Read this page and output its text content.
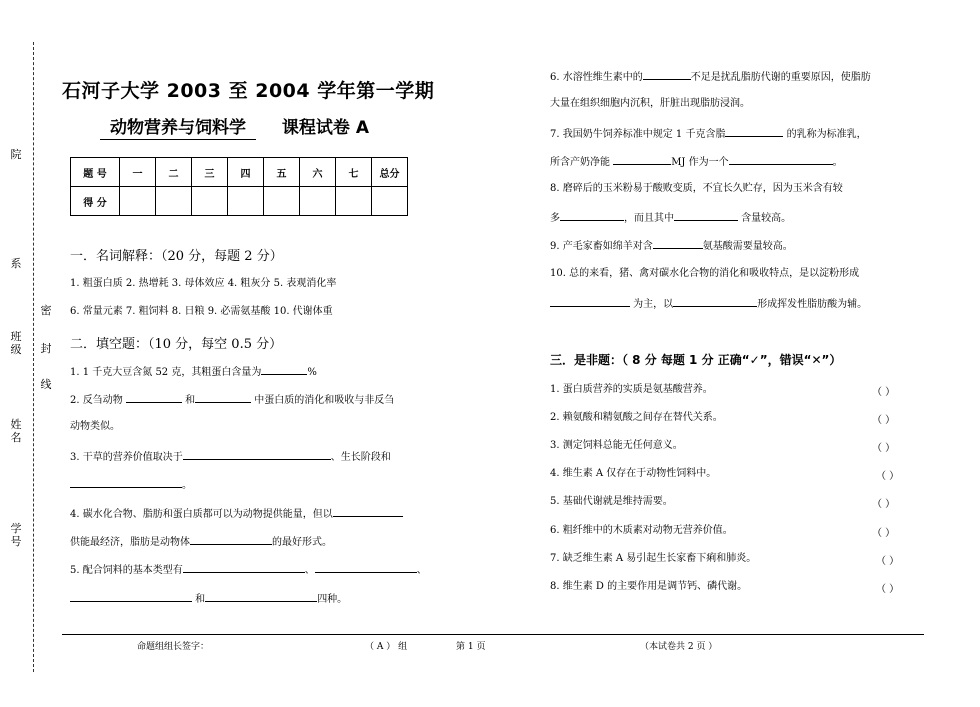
院
系
班级
姓名
学号
密
封
线
石河子大学 2003 至 2004 学年第一学期
动物营养与饲料学 课程试卷 A
题 号	一	二	三	四	五	六	七	总分
得 分								
一．名词解释：（20 分，每题 2 分）
1. 粗蛋白质 2. 热增耗 3. 母体效应 4. 粗灰分 5. 表观消化率
6. 常量元素 7. 粗饲料 8. 日粮 9. 必需氨基酸 10. 代谢体重
二．填空题：（10 分，每空 0.5 分）
1. 1 千克大豆含氮 52 克，其粗蛋白含量为	%
2. 反刍动物	和	中蛋白质的消化和吸收与非反刍
动物类似。
3. 干草的营养价值取决于	、生长阶段和
。
4. 碳水化合物、脂肪和蛋白质都可以为动物提供能量，但以
供能最经济，脂肪是动物体	的最好形式。
5. 配合饲料的基本类型有	、	、
和	四种。
6. 水溶性维生素中的	不足是扰乱脂肪代谢的重要原因，使脂肪
大量在组织细胞内沉积，肝脏出现脂肪浸润。
7. 我国奶牛饲养标准中规定 1 千克含脂	的乳称为标准乳，
所含产奶净能	MJ 作为一个	。
8. 磨碎后的玉米粉易于酸败变质，不宜长久贮存，因为玉米含有较
多	，而且其中	含量较高。
9. 产毛家畜如绵羊对含	氨基酸需要量较高。
10. 总的来看，猪、禽对碳水化合物的消化和吸收特点，是以淀粉形成
为主，以	形成挥发性脂肪酸为辅。
三．是非题：（ 8 分 每题 1 分 正确“✓”，错误“✕”）
1. 蛋白质营养的实质是氨基酸营养。	（ ）
2. 赖氨酸和精氨酸之间存在替代关系。	（ ）
3. 测定饲料总能无任何意义。	（ ）
4. 维生素 A 仅存在于动物性饲料中。	（ ）
5. 基础代谢就是维持需要。	（ ）
6. 粗纤维中的木质素对动物无营养价值。	（ ）
7. 缺乏维生素 A 易引起生长家畜下痢和肺炎。	（ ）
8. 维生素 D 的主要作用是调节钙、磷代谢。	（ ）
命题组组长签字：	（ A ） 组	第 1 页	（本试卷共 2 页 ）
